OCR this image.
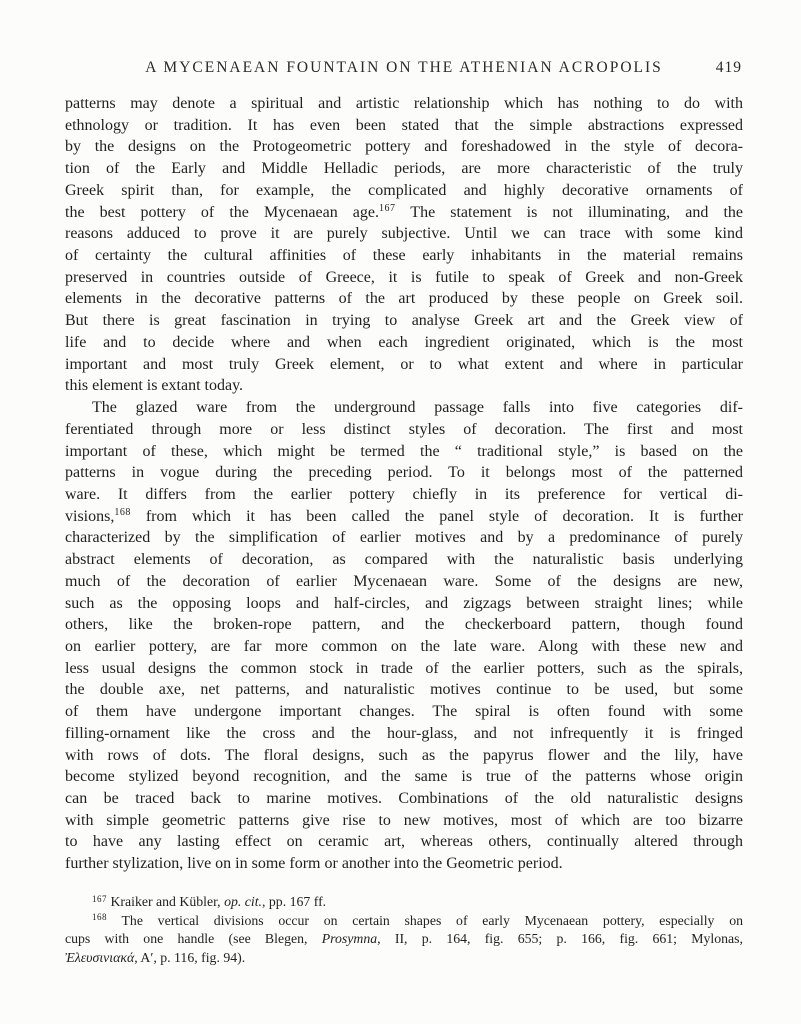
A MYCENAEAN FOUNTAIN ON THE ATHENIAN ACROPOLIS	419
patterns may denote a spiritual and artistic relationship which has nothing to do with
ethnology or tradition. It has even been stated that the simple abstractions expressed
by the designs on the Protogeometric pottery and foreshadowed in the style of decora-
tion of the Early and Middle Helladic periods, are more characteristic of the truly
Greek spirit than, for example, the complicated and highly decorative ornaments of
the best pottery of the Mycenaean age.$^{167}$ The statement is not illuminating, and the
reasons adduced to prove it are purely subjective. Until we can trace with some kind
of certainty the cultural affinities of these early inhabitants in the material remains
preserved in countries outside of Greece, it is futile to speak of Greek and non-Greek
elements in the decorative patterns of the art produced by these people on Greek soil.
But there is great fascination in trying to analyse Greek art and the Greek view of
life and to decide where and when each ingredient originated, which is the most
important and most truly Greek element, or to what extent and where in particular
this element is extant today.
The glazed ware from the underground passage falls into five categories dif-
ferentiated through more or less distinct styles of decoration. The first and most
important of these, which might be termed the “ traditional style,” is based on the
patterns in vogue during the preceding period. To it belongs most of the patterned
ware. It differs from the earlier pottery chiefly in its preference for vertical di-
visions,$^{168}$ from which it has been called the panel style of decoration. It is further
characterized by the simplification of earlier motives and by a predominance of purely
abstract elements of decoration, as compared with the naturalistic basis underlying
much of the decoration of earlier Mycenaean ware. Some of the designs are new,
such as the opposing loops and half-circles, and zigzags between straight lines; while
others, like the broken-rope pattern, and the checkerboard pattern, though found
on earlier pottery, are far more common on the late ware. Along with these new and
less usual designs the common stock in trade of the earlier potters, such as the spirals,
the double axe, net patterns, and naturalistic motives continue to be used, but some
of them have undergone important changes. The spiral is often found with some
filling-ornament like the cross and the hour-glass, and not infrequently it is fringed
with rows of dots. The floral designs, such as the papyrus flower and the lily, have
become stylized beyond recognition, and the same is true of the patterns whose origin
can be traced back to marine motives. Combinations of the old naturalistic designs
with simple geometric patterns give rise to new motives, most of which are too bizarre
to have any lasting effect on ceramic art, whereas others, continually altered through
further stylization, live on in some form or another into the Geometric period.
$^{167}$ Kraiker and Kübler, op. cit., pp. 167 ff.
$^{168}$ The vertical divisions occur on certain shapes of early Mycenaean pottery, especially on
cups with one handle (see Blegen, Prosymna, II, p. 164, fig. 655; p. 166, fig. 661; Mylonas,
Ἐλευσινιακά, Α′, p. 116, fig. 94).
